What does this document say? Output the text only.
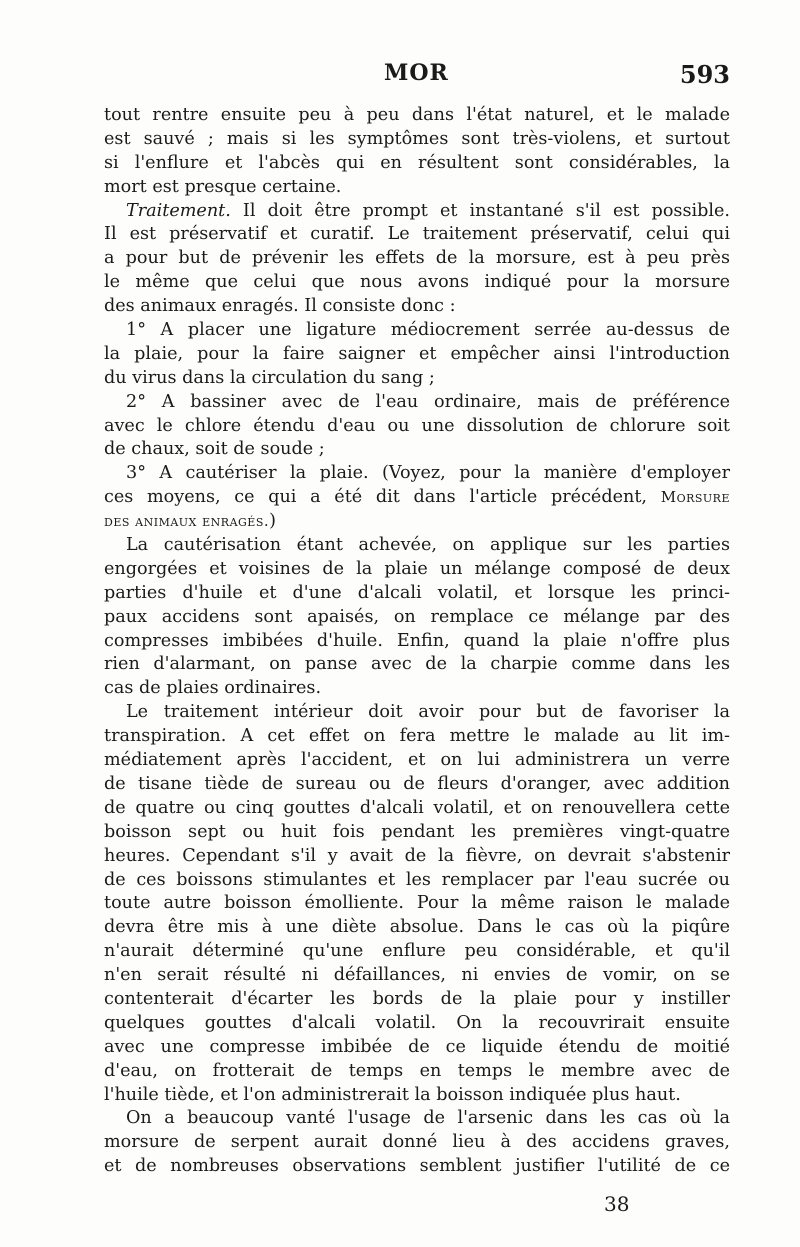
MOR	593
tout rentre ensuite peu à peu dans l'état naturel, et le malade
est sauvé ; mais si les symptômes sont très-violens, et surtout
si l'enflure et l'abcès qui en résultent sont considérables, la
mort est presque certaine.
Traitement. Il doit être prompt et instantané s'il est possible.
Il est préservatif et curatif. Le traitement préservatif, celui qui
a pour but de prévenir les effets de la morsure, est à peu près
le même que celui que nous avons indiqué pour la morsure
des animaux enragés. Il consiste donc :
1° A placer une ligature médiocrement serrée au-dessus de
la plaie, pour la faire saigner et empêcher ainsi l'introduction
du virus dans la circulation du sang ;
2° A bassiner avec de l'eau ordinaire, mais de préférence
avec le chlore étendu d'eau ou une dissolution de chlorure soit
de chaux, soit de soude ;
3° A cautériser la plaie. (Voyez, pour la manière d'employer
ces moyens, ce qui a été dit dans l'article précédent, Morsure
des animaux enragés.)
La cautérisation étant achevée, on applique sur les parties
engorgées et voisines de la plaie un mélange composé de deux
parties d'huile et d'une d'alcali volatil, et lorsque les princi-
paux accidens sont apaisés, on remplace ce mélange par des
compresses imbibées d'huile. Enfin, quand la plaie n'offre plus
rien d'alarmant, on panse avec de la charpie comme dans les
cas de plaies ordinaires.
Le traitement intérieur doit avoir pour but de favoriser la
transpiration. A cet effet on fera mettre le malade au lit im-
médiatement après l'accident, et on lui administrera un verre
de tisane tiède de sureau ou de fleurs d'oranger, avec addition
de quatre ou cinq gouttes d'alcali volatil, et on renouvellera cette
boisson sept ou huit fois pendant les premières vingt-quatre
heures. Cependant s'il y avait de la fièvre, on devrait s'abstenir
de ces boissons stimulantes et les remplacer par l'eau sucrée ou
toute autre boisson émolliente. Pour la même raison le malade
devra être mis à une diète absolue. Dans le cas où la piqûre
n'aurait déterminé qu'une enflure peu considérable, et qu'il
n'en serait résulté ni défaillances, ni envies de vomir, on se
contenterait d'écarter les bords de la plaie pour y instiller
quelques gouttes d'alcali volatil. On la recouvrirait ensuite
avec une compresse imbibée de ce liquide étendu de moitié
d'eau, on frotterait de temps en temps le membre avec de
l'huile tiède, et l'on administrerait la boisson indiquée plus haut.
On a beaucoup vanté l'usage de l'arsenic dans les cas où la
morsure de serpent aurait donné lieu à des accidens graves,
et de nombreuses observations semblent justifier l'utilité de ce
38
